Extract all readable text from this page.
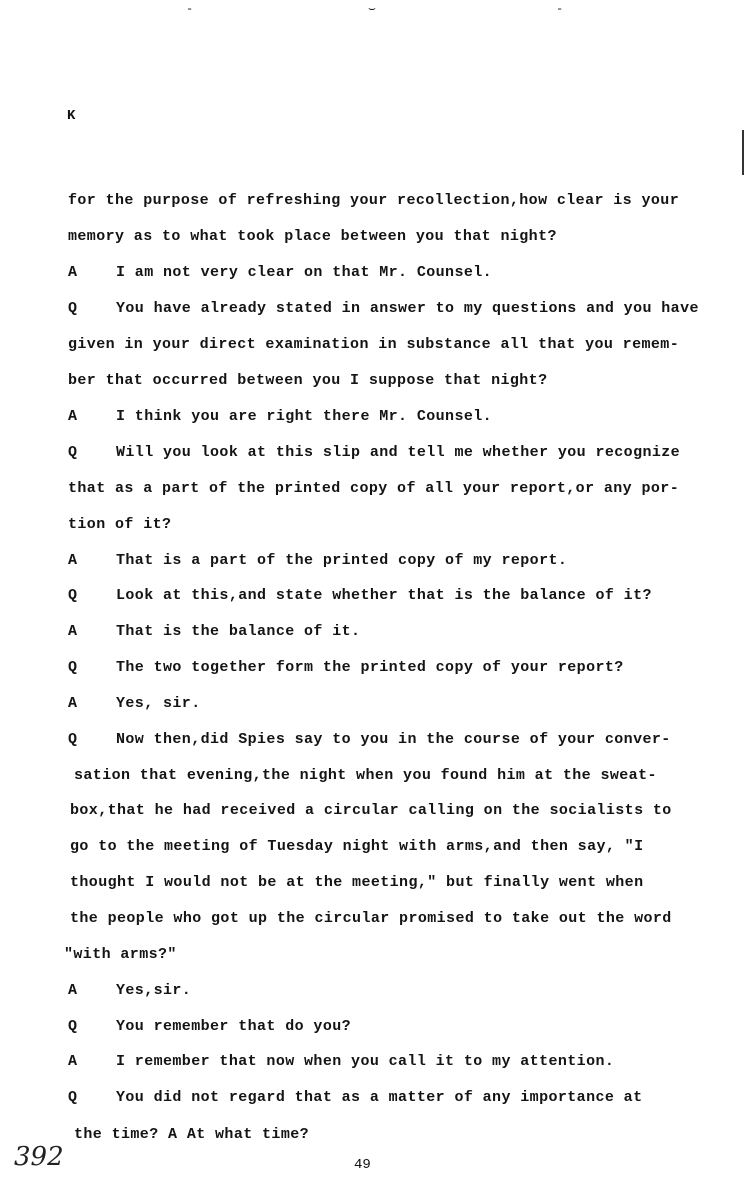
-	⌣	-
K
for the purpose of refreshing your recollection,how clear is your
memory as to what took place between you that night?
A	I am not very clear on that Mr. Counsel.
Q	You have already stated in answer to my questions and you have
given in your direct examination in substance all that you remem-
ber that occurred between you I suppose that night?
A	I think you are right there Mr. Counsel.
Q	Will you look at this slip and tell me whether you recognize
that as a part of the printed copy of all your report,or any por-
tion of it?
A	That is a part of the printed copy of my report.
Q	Look at this,and state whether that is the balance of it?
A	That is the balance of it.
Q	The two together form the printed copy of your report?
A	Yes, sir.
Q	Now then,did Spies say to you in the course of your conver-
sation that evening,the night when you found him at the sweat-
box,that he had received a circular calling on the socialists to
go to the meeting of Tuesday night with arms,and then say, "I
thought I would not be at the meeting," but finally went when
the people who got up the circular promised to take out the word
"with arms?"
A	Yes,sir.
Q	You remember that do you?
A	I remember that now when you call it to my attention.
Q	You did not regard that as a matter of any importance at
the time? A At what time?
392	49
